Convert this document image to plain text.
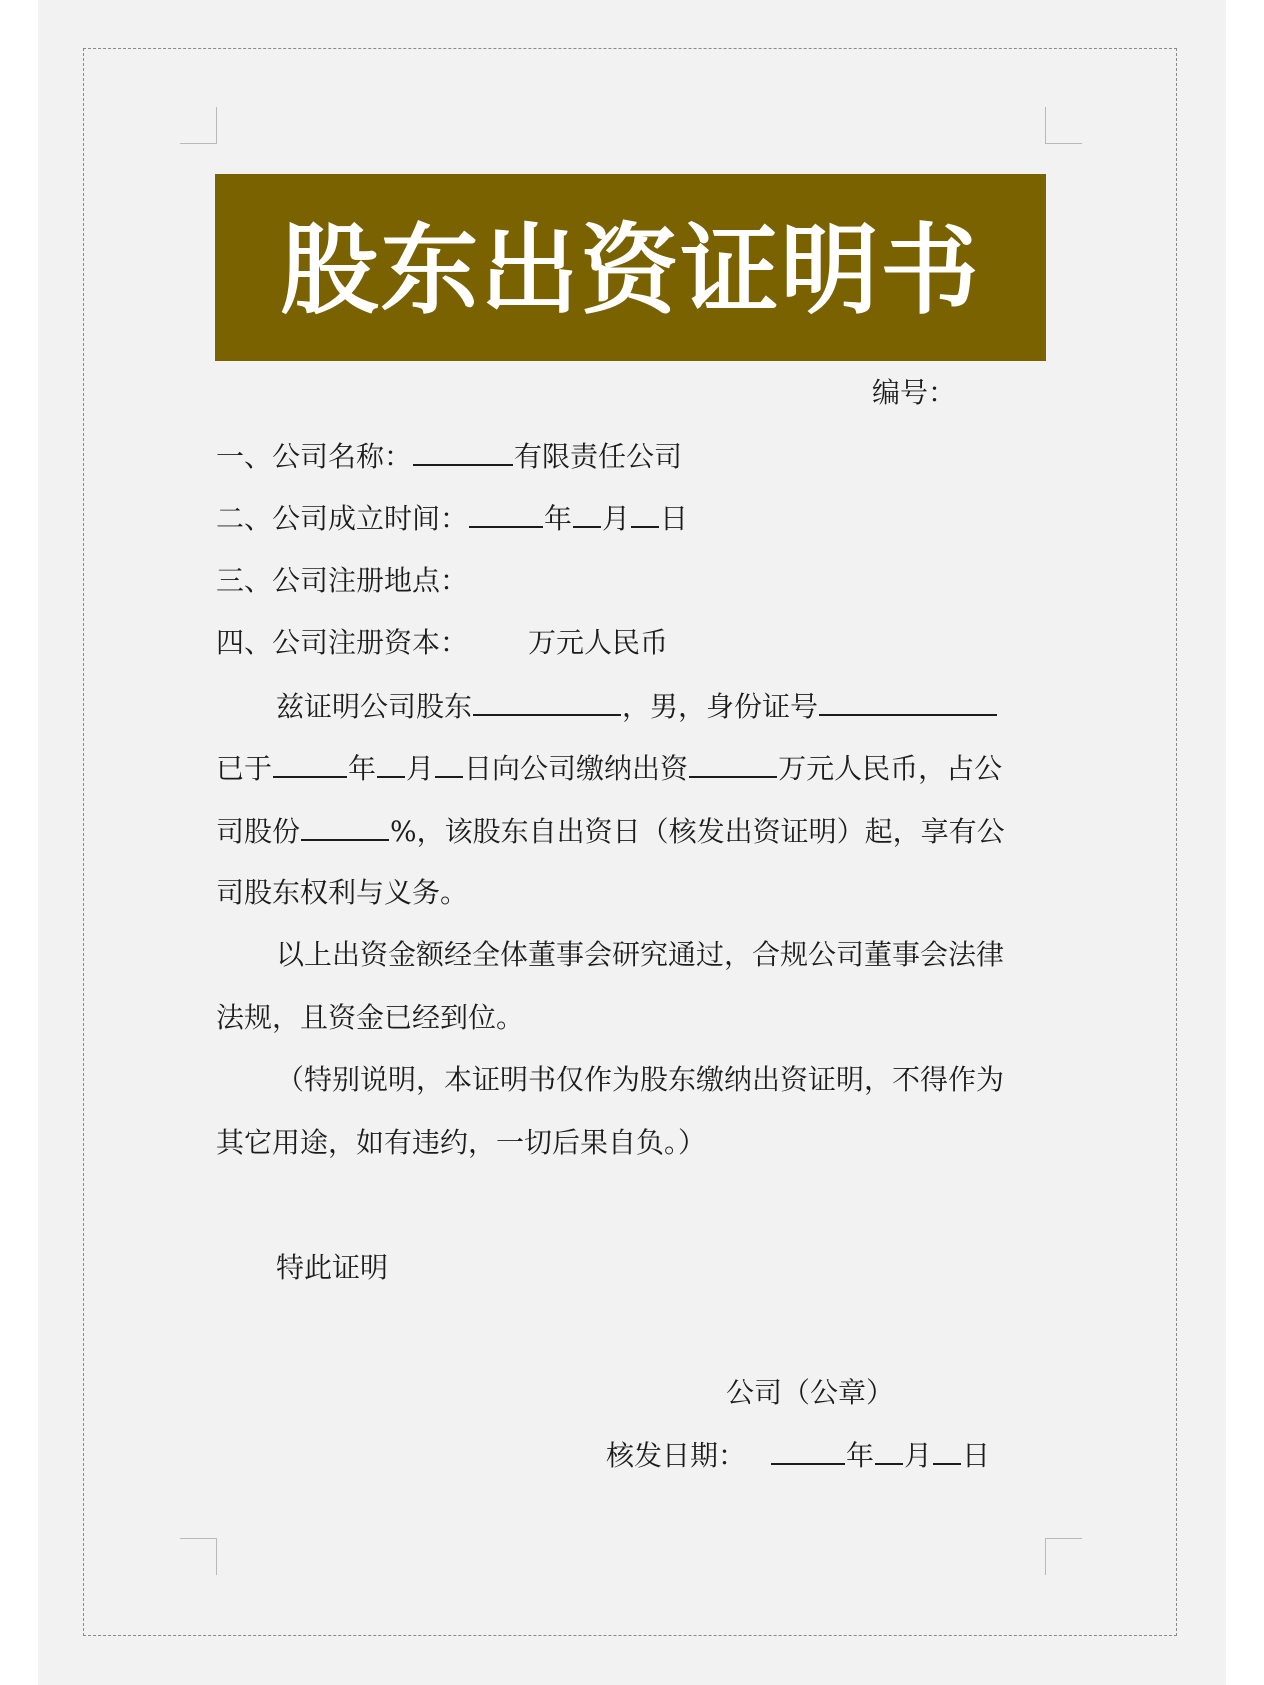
股东出资证明书
编号：
一、公司名称：	有限责任公司
二、公司成立时间：	年 月 日
三、公司注册地点：
四、公司注册资本： 万元人民币
兹证明公司股东	，男，身份证号
已于	年 月 日向公司缴纳出资	万元人民币，占公
司股份	%，该股东自出资日（核发出资证明）起，享有公
司股东权利与义务。
以上出资金额经全体董事会研究通过，合规公司董事会法律
法规，且资金已经到位。
（特别说明，本证明书仅作为股东缴纳出资证明，不得作为
其它用途，如有违约，一切后果自负。）
特此证明
公司（公章）
核发日期：	年 月 日
